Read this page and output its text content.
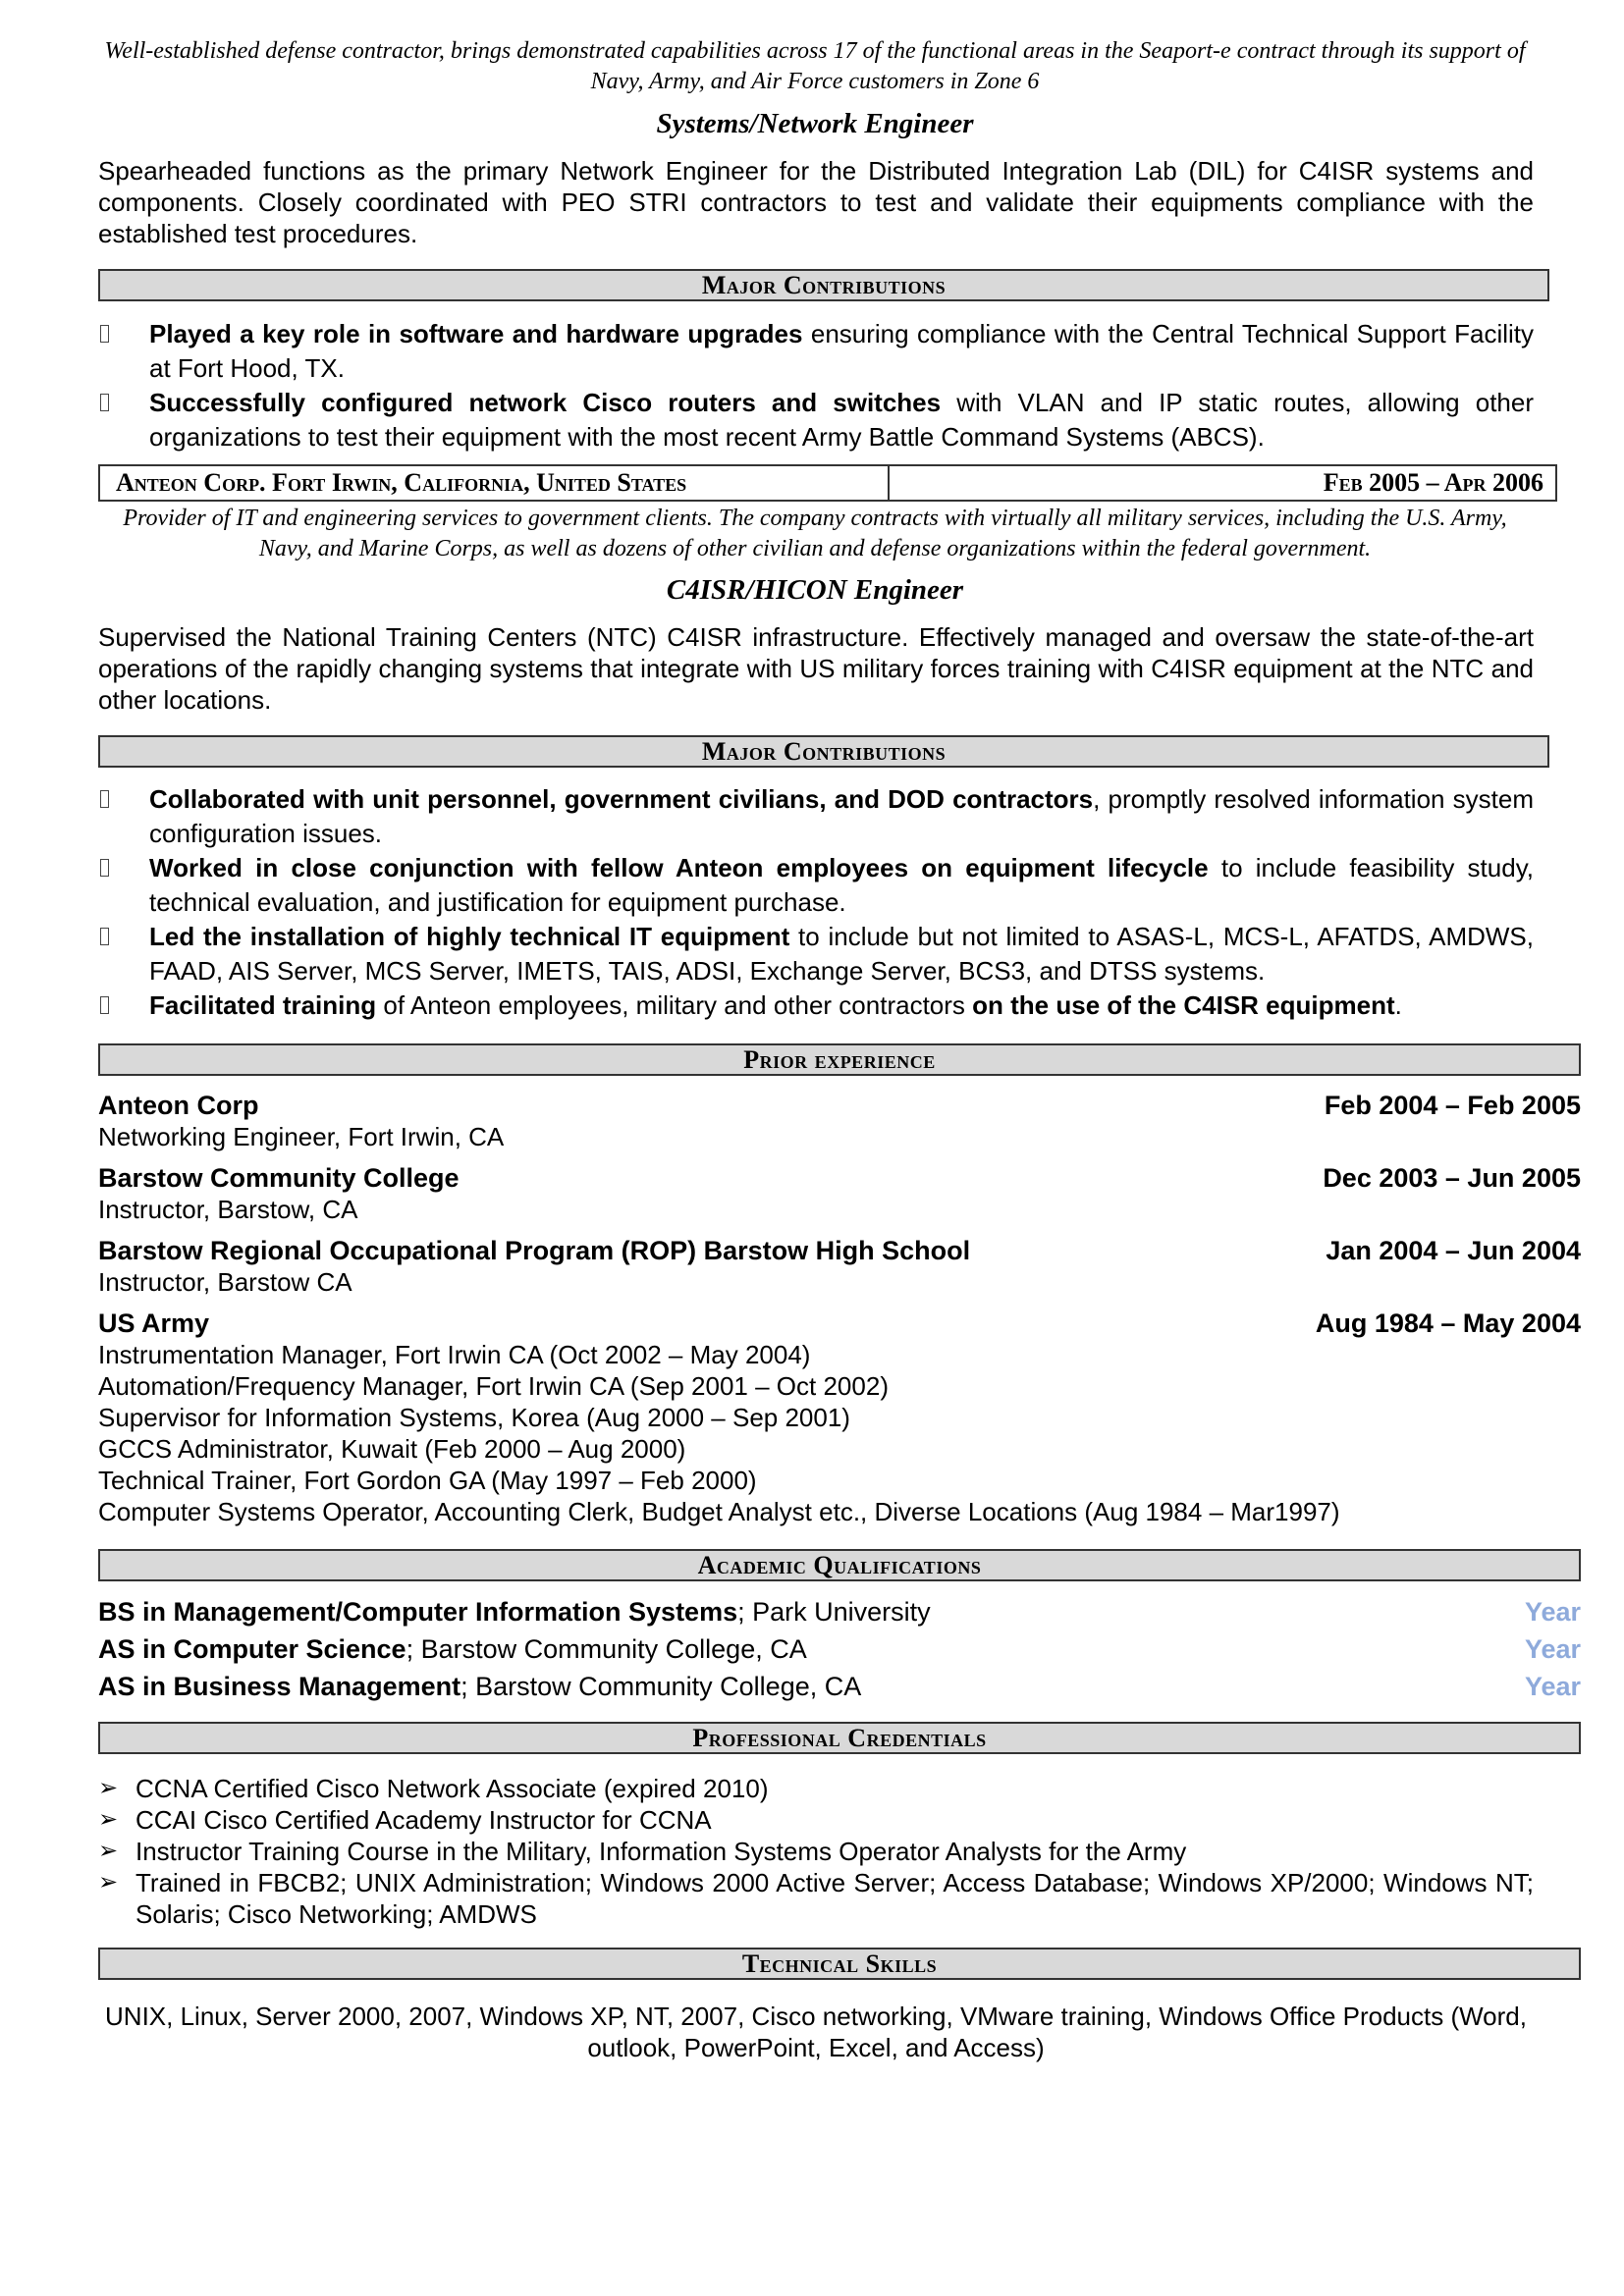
Well-established defense contractor, brings demonstrated capabilities across 17 of the functional areas in the Seaport-e contract through its support of Navy, Army, and Air Force customers in Zone 6
Systems/Network Engineer
Spearheaded functions as the primary Network Engineer for the Distributed Integration Lab (DIL) for C4ISR systems and components. Closely coordinated with PEO STRI contractors to test and validate their equipments compliance with the established test procedures.
Major Contributions
Played a key role in software and hardware upgrades ensuring compliance with the Central Technical Support Facility at Fort Hood, TX.
Successfully configured network Cisco routers and switches with VLAN and IP static routes, allowing other organizations to test their equipment with the most recent Army Battle Command Systems (ABCS).
Anteon Corp. Fort Irwin, California, United States	Feb 2005 – Apr 2006
Provider of IT and engineering services to government clients. The company contracts with virtually all military services, including the U.S. Army, Navy, and Marine Corps, as well as dozens of other civilian and defense organizations within the federal government.
C4ISR/HICON Engineer
Supervised the National Training Centers (NTC) C4ISR infrastructure. Effectively managed and oversaw the state-of-the-art operations of the rapidly changing systems that integrate with US military forces training with C4ISR equipment at the NTC and other locations.
Major Contributions
Collaborated with unit personnel, government civilians, and DOD contractors, promptly resolved information system configuration issues.
Worked in close conjunction with fellow Anteon employees on equipment lifecycle to include feasibility study, technical evaluation, and justification for equipment purchase.
Led the installation of highly technical IT equipment to include but not limited to ASAS-L, MCS-L, AFATDS, AMDWS, FAAD, AIS Server, MCS Server, IMETS, TAIS, ADSI, Exchange Server, BCS3, and DTSS systems.
Facilitated training of Anteon employees, military and other contractors on the use of the C4ISR equipment.
Prior experience
Anteon Corp	Feb 2004 – Feb 2005
Networking Engineer, Fort Irwin, CA
Barstow Community College	Dec 2003 – Jun 2005
Instructor, Barstow, CA
Barstow Regional Occupational Program (ROP) Barstow High School	Jan 2004 – Jun 2004
Instructor, Barstow CA
US Army	Aug 1984 – May 2004
Instrumentation Manager, Fort Irwin CA (Oct 2002 – May 2004)
Automation/Frequency Manager, Fort Irwin CA (Sep 2001 – Oct 2002)
Supervisor for Information Systems, Korea (Aug 2000 – Sep 2001)
GCCS Administrator, Kuwait (Feb 2000 – Aug 2000)
Technical Trainer, Fort Gordon GA (May 1997 – Feb 2000)
Computer Systems Operator, Accounting Clerk, Budget Analyst etc., Diverse Locations (Aug 1984 – Mar1997)
Academic Qualifications
BS in Management/Computer Information Systems; Park University	Year
AS in Computer Science; Barstow Community College, CA	Year
AS in Business Management; Barstow Community College, CA	Year
Professional Credentials
➢ CCNA Certified Cisco Network Associate (expired 2010)
➢ CCAI Cisco Certified Academy Instructor for CCNA
➢ Instructor Training Course in the Military, Information Systems Operator Analysts for the Army
➢ Trained in FBCB2; UNIX Administration; Windows 2000 Active Server; Access Database; Windows XP/2000; Windows NT; Solaris; Cisco Networking; AMDWS
Technical Skills
UNIX, Linux, Server 2000, 2007, Windows XP, NT, 2007, Cisco networking, VMware training, Windows Office Products (Word, outlook, PowerPoint, Excel, and Access)
